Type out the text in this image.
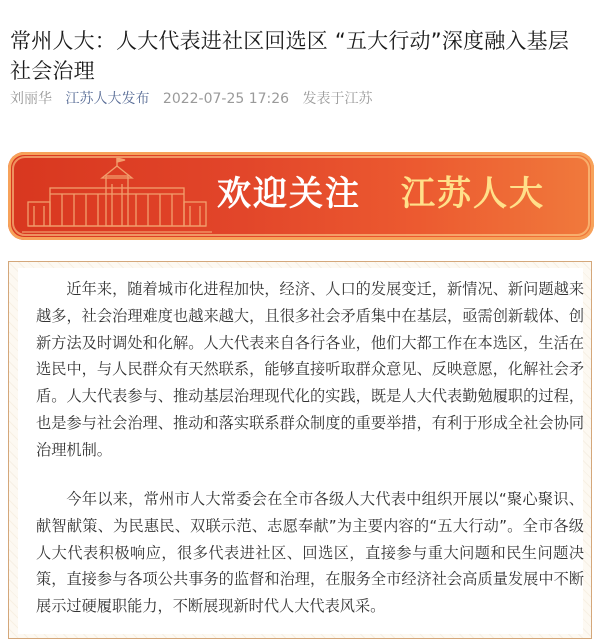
常州人大：人大代表进社区回选区 “五大行动”深度融入基层社会治理
刘丽华 江苏人大发布 2022-07-25 17:26 发表于江苏
欢迎关注 江苏人大

近年来，随着城市化进程加快，经济、人口的发展变迁，新情况、新问题越来越多，社会治理难度也越来越大，且很多社会矛盾集中在基层，亟需创新载体、创新方法及时调处和化解。人大代表来自各行各业，他们大都工作在本选区，生活在选民中，与人民群众有天然联系，能够直接听取群众意见、反映意愿，化解社会矛盾。人大代表参与、推动基层治理现代化的实践，既是人大代表勤勉履职的过程，也是参与社会治理、推动和落实联系群众制度的重要举措，有利于形成全社会协同治理机制。

今年以来，常州市人大常委会在全市各级人大代表中组织开展以“聚心聚识、献智献策、为民惠民、双联示范、志愿奉献”为主要内容的“五大行动”。全市各级人大代表积极响应，很多代表进社区、回选区，直接参与重大问题和民生问题决策，直接参与各项公共事务的监督和治理，在服务全市经济社会高质量发展中不断展示过硬履职能力，不断展现新时代人大代表风采。
